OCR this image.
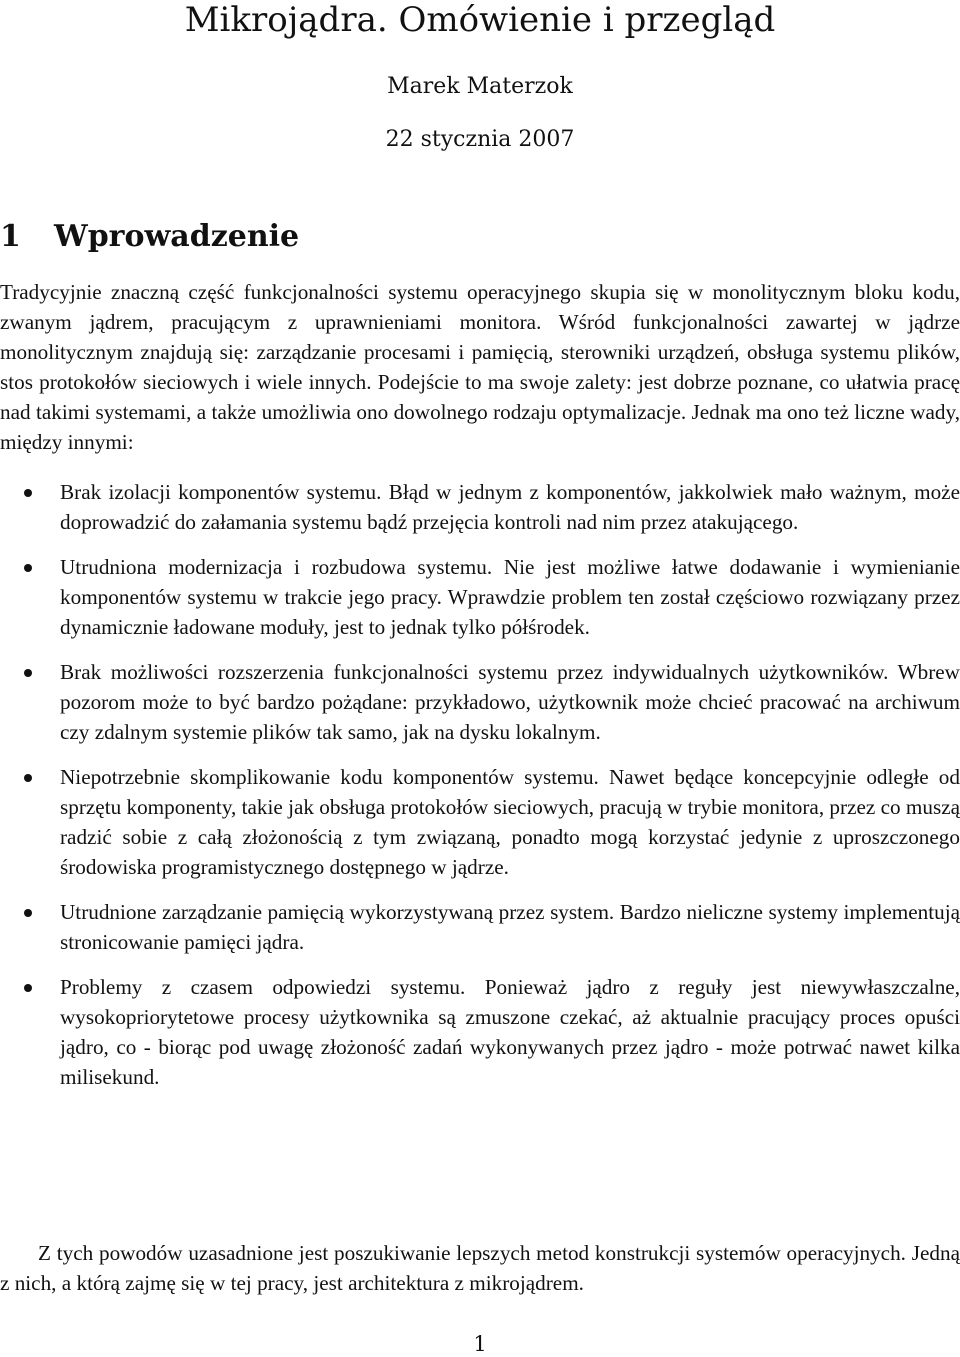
Mikrojądra. Omówienie i przegląd
Marek Materzok
22 stycznia 2007
1 Wprowadzenie

Tradycyjnie znaczną część funkcjonalności systemu operacyjnego skupia się w monolitycznym bloku kodu, zwanym jądrem, pracującym z uprawnieniami monitora. Wśród funkcjonalności zawartej w jądrze monolitycznym znajdują się: zarządzanie procesami i pamięcią, sterowniki urządzeń, obsługa systemu plików, stos protokołów sieciowych i wiele innych. Podejście to ma swoje zalety: jest dobrze poznane, co ułatwia pracę nad takimi systemami, a także umożliwia ono dowolnego rodzaju optymalizacje. Jednak ma ono też liczne wady, między innymi:

Brak izolacji komponentów systemu. Błąd w jednym z komponentów, jakkolwiek mało ważnym, może doprowadzić do załamania systemu bądź przejęcia kontroli nad nim przez atakującego.
Utrudniona modernizacja i rozbudowa systemu. Nie jest możliwe łatwe dodawanie i wymienianie komponentów systemu w trakcie jego pracy. Wprawdzie problem ten został częściowo rozwiązany przez dynamicznie ładowane moduły, jest to jednak tylko półśrodek.
Brak możliwości rozszerzenia funkcjonalności systemu przez indywidualnych użytkowników. Wbrew pozorom może to być bardzo pożądane: przykładowo, użytkownik może chcieć pracować na archiwum czy zdalnym systemie plików tak samo, jak na dysku lokalnym.
Niepotrzebnie skomplikowanie kodu komponentów systemu. Nawet będące koncepcyjnie odległe od sprzętu komponenty, takie jak obsługa protokołów sieciowych, pracują w trybie monitora, przez co muszą radzić sobie z całą złożonością z tym związaną, ponadto mogą korzystać jedynie z uproszczonego środowiska programistycznego dostępnego w jądrze.
Utrudnione zarządzanie pamięcią wykorzystywaną przez system. Bardzo nieliczne systemy implementują stronicowanie pamięci jądra.
Problemy z czasem odpowiedzi systemu. Ponieważ jądro z reguły jest niewywłaszczalne, wysokopriorytetowe procesy użytkownika są zmuszone czekać, aż aktualnie pracujący proces opuści jądro, co - biorąc pod uwagę złożoność zadań wykonywanych przez jądro - może potrwać nawet kilka milisekund.

Z tych powodów uzasadnione jest poszukiwanie lepszych metod konstrukcji systemów operacyjnych. Jedną z nich, a którą zajmę się w tej pracy, jest architektura z mikrojądrem.

1
